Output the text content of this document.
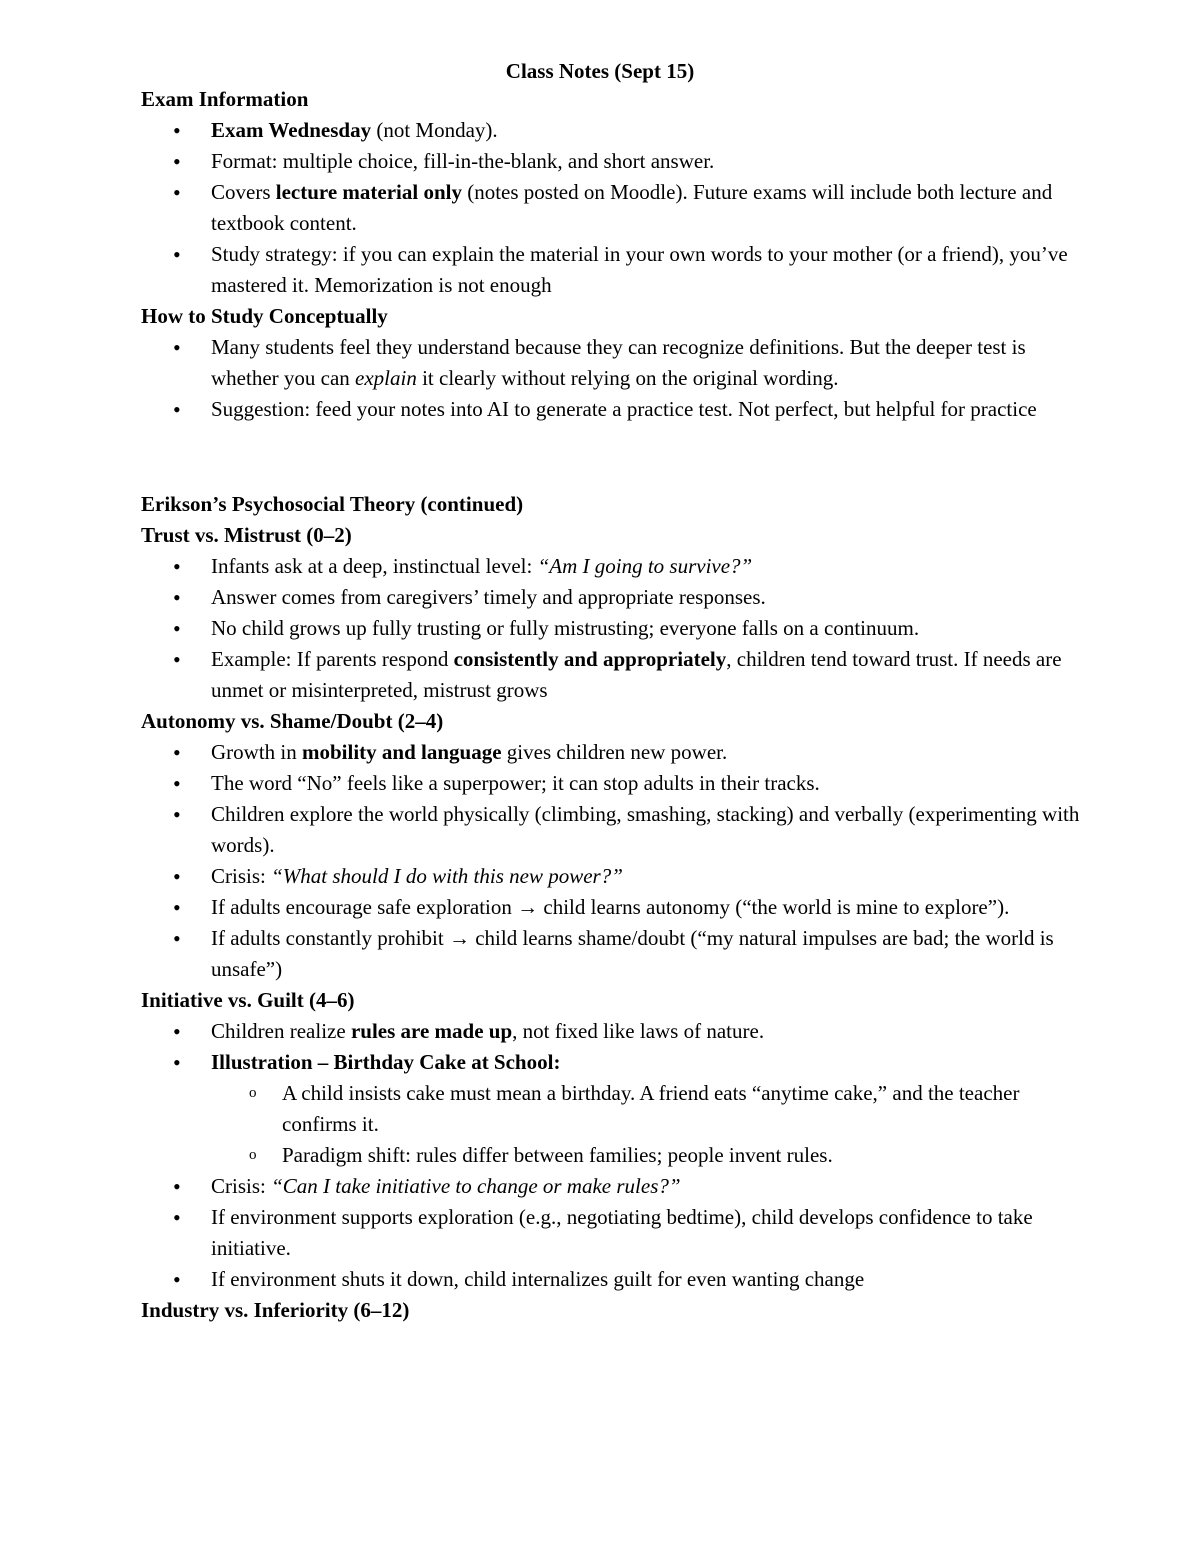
Class Notes (Sept 15)
Exam Information
• Exam Wednesday (not Monday).
• Format: multiple choice, fill-in-the-blank, and short answer.
• Covers lecture material only (notes posted on Moodle). Future exams will include both lecture and textbook content.
• Study strategy: if you can explain the material in your own words to your mother (or a friend), you’ve mastered it. Memorization is not enough
How to Study Conceptually
• Many students feel they understand because they can recognize definitions. But the deeper test is whether you can explain it clearly without relying on the original wording.
• Suggestion: feed your notes into AI to generate a practice test. Not perfect, but helpful for practice
Erikson’s Psychosocial Theory (continued)
Trust vs. Mistrust (0–2)
• Infants ask at a deep, instinctual level: “Am I going to survive?”
• Answer comes from caregivers’ timely and appropriate responses.
• No child grows up fully trusting or fully mistrusting; everyone falls on a continuum.
• Example: If parents respond consistently and appropriately, children tend toward trust. If needs are unmet or misinterpreted, mistrust grows
Autonomy vs. Shame/Doubt (2–4)
• Growth in mobility and language gives children new power.
• The word “No” feels like a superpower; it can stop adults in their tracks.
• Children explore the world physically (climbing, smashing, stacking) and verbally (experimenting with words).
• Crisis: “What should I do with this new power?”
• If adults encourage safe exploration → child learns autonomy (“the world is mine to explore”).
• If adults constantly prohibit → child learns shame/doubt (“my natural impulses are bad; the world is unsafe”)
Initiative vs. Guilt (4–6)
• Children realize rules are made up, not fixed like laws of nature.
• Illustration – Birthday Cake at School:
o A child insists cake must mean a birthday. A friend eats “anytime cake,” and the teacher confirms it.
o Paradigm shift: rules differ between families; people invent rules.
• Crisis: “Can I take initiative to change or make rules?”
• If environment supports exploration (e.g., negotiating bedtime), child develops confidence to take initiative.
• If environment shuts it down, child internalizes guilt for even wanting change
Industry vs. Inferiority (6–12)
